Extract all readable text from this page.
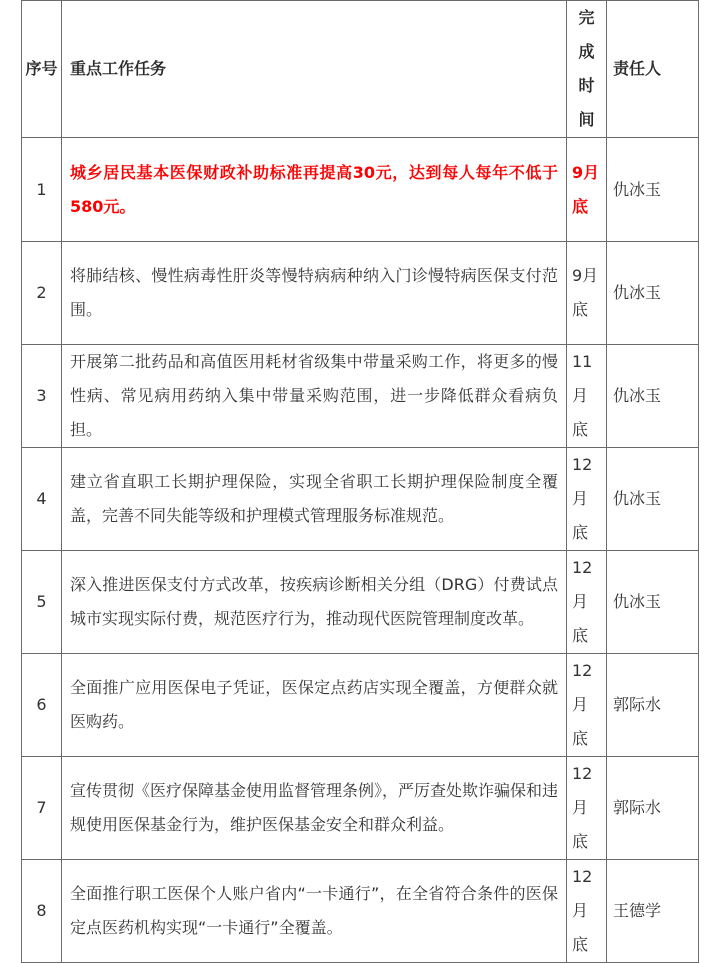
序号	重点工作任务	完成时间	责任人
1	城乡居民基本医保财政补助标准再提高30元，达到每人每年不低于580元。	9月底	仇冰玉
2	将肺结核、慢性病毒性肝炎等慢特病病种纳入门诊慢特病医保支付范围。	9月底	仇冰玉
3	开展第二批药品和高值医用耗材省级集中带量采购工作，将更多的慢性病、常见病用药纳入集中带量采购范围，进一步降低群众看病负担。	11月底	仇冰玉
4	建立省直职工长期护理保险，实现全省职工长期护理保险制度全覆盖，完善不同失能等级和护理模式管理服务标准规范。	12月底	仇冰玉
5	深入推进医保支付方式改革，按疾病诊断相关分组（DRG）付费试点城市实现实际付费，规范医疗行为，推动现代医院管理制度改革。	12月底	仇冰玉
6	全面推广应用医保电子凭证，医保定点药店实现全覆盖，方便群众就医购药。	12月底	郭际水
7	宣传贯彻《医疗保障基金使用监督管理条例》，严厉查处欺诈骗保和违规使用医保基金行为，维护医保基金安全和群众利益。	12月底	郭际水
8	全面推行职工医保个人账户省内“一卡通行”，在全省符合条件的医保定点医药机构实现“一卡通行”全覆盖。	12月底	王德学
